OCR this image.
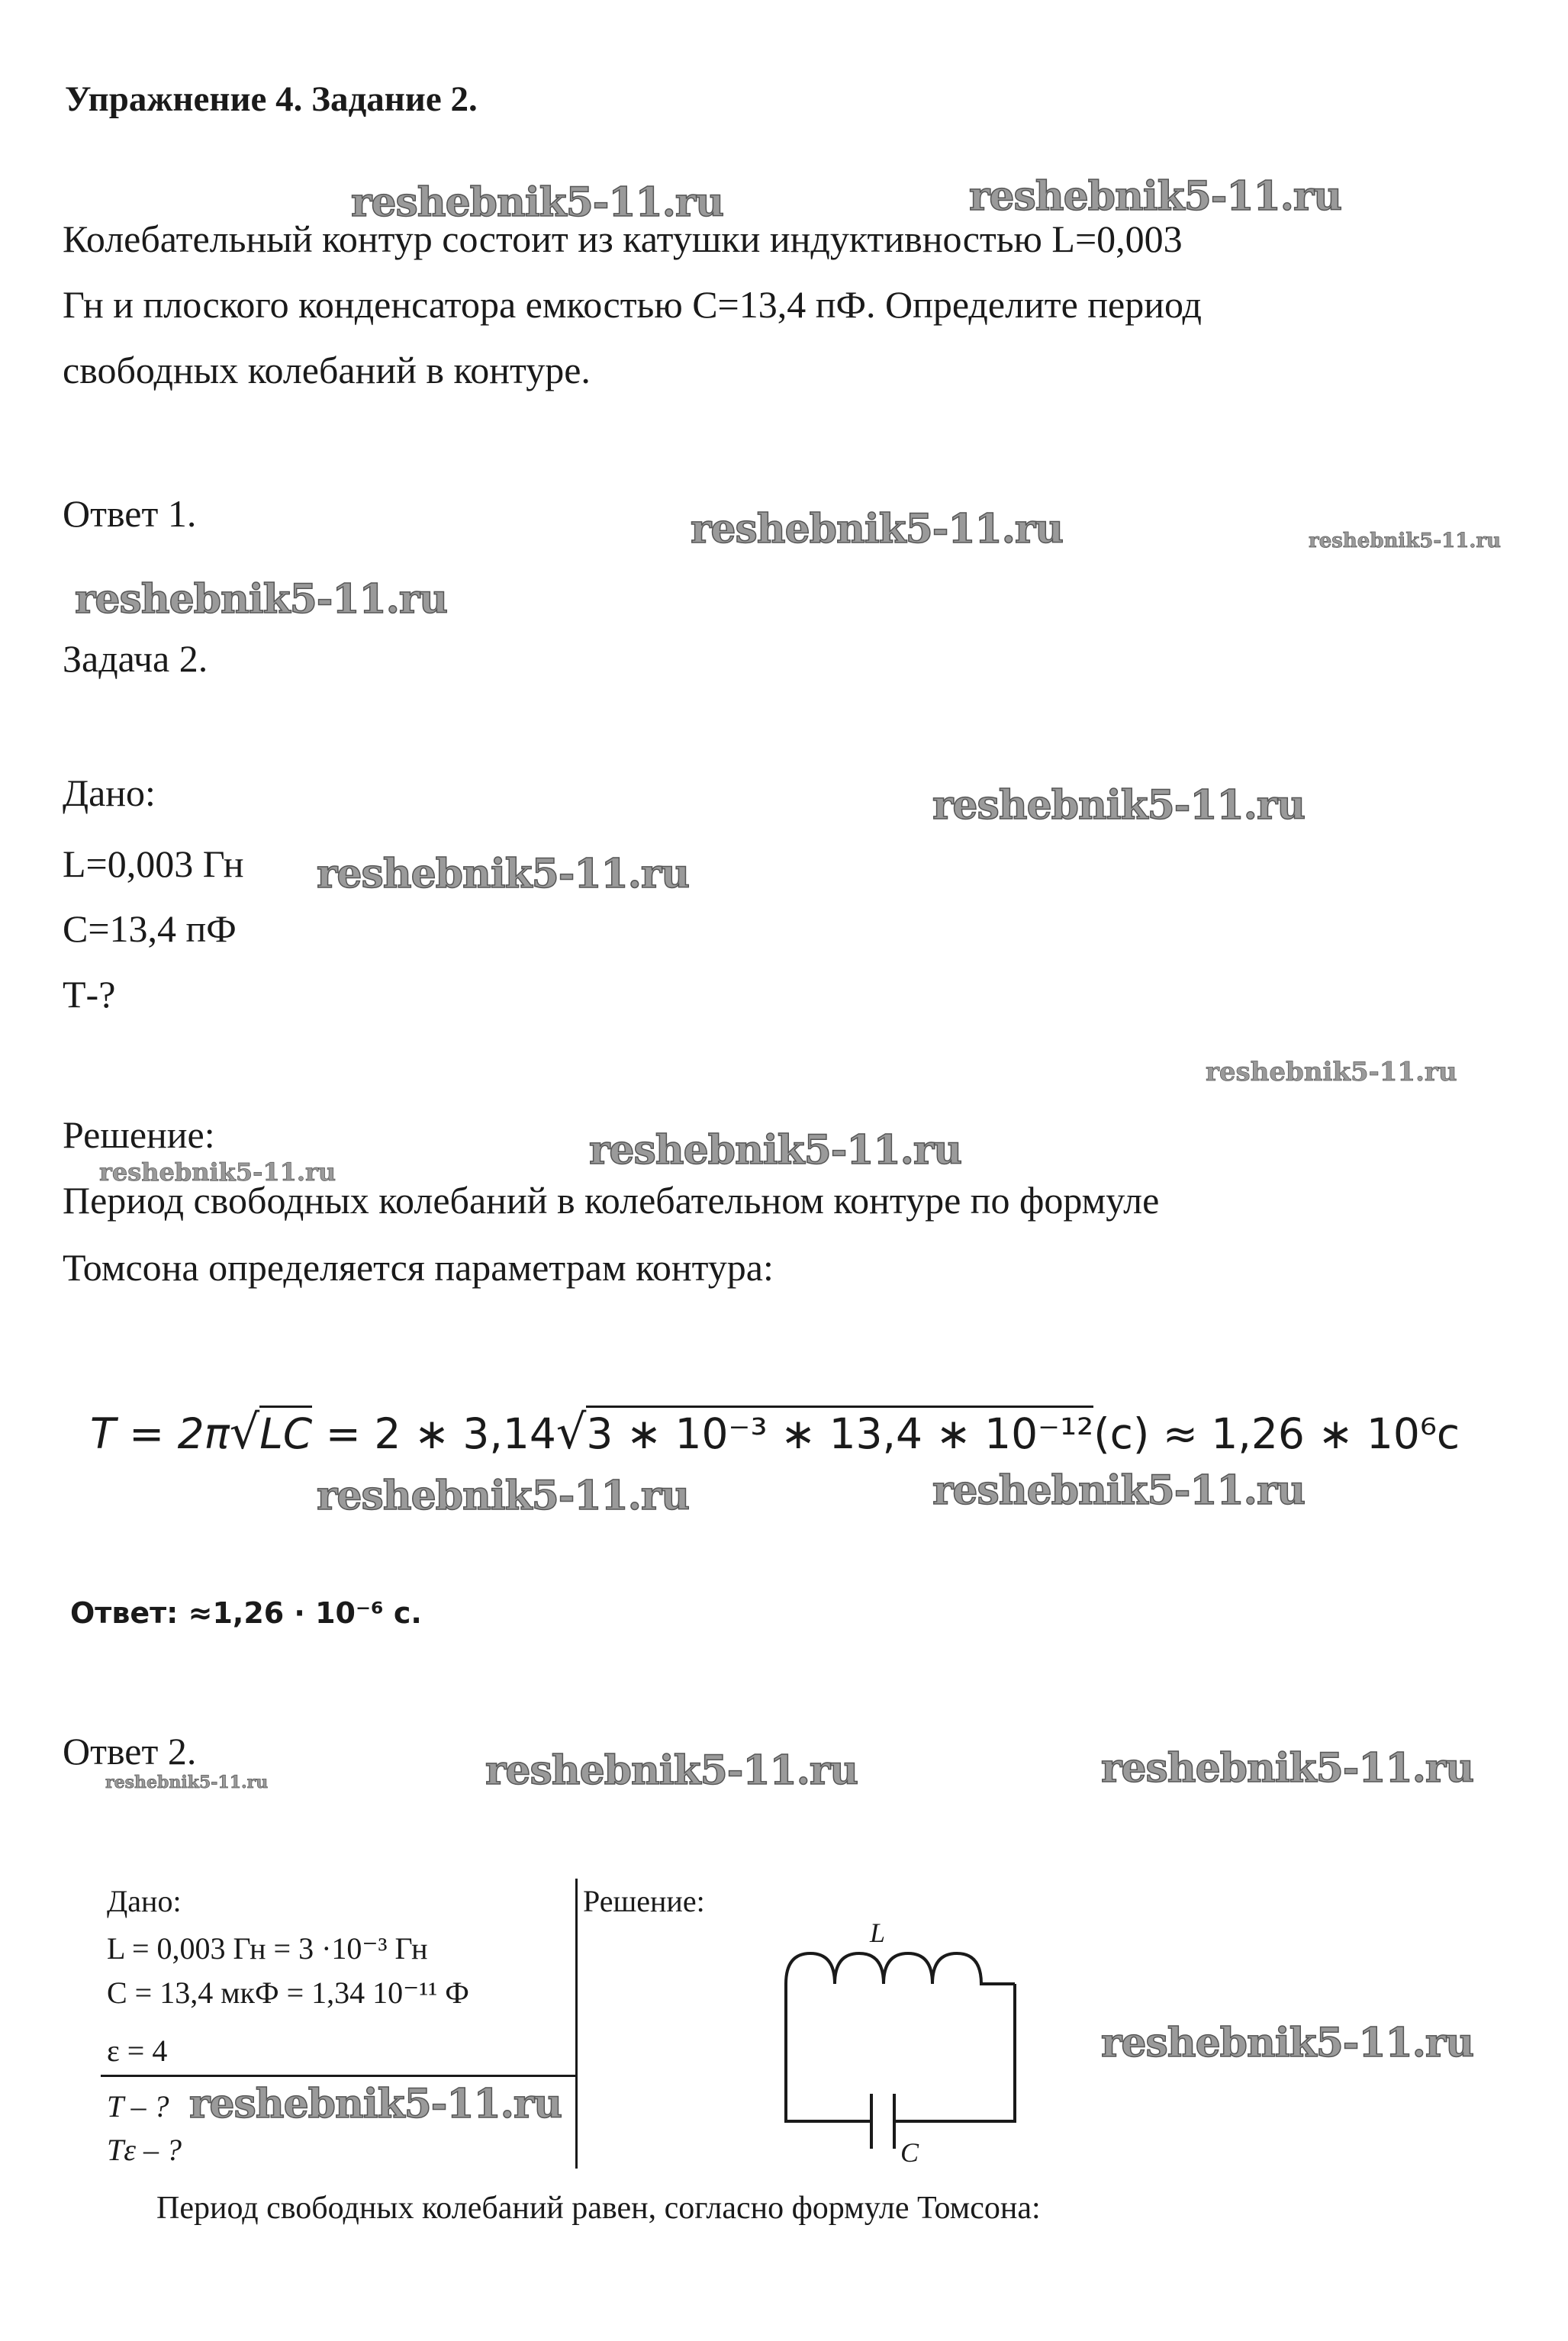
Упражнение 4. Задание 2.
Колебательный контур состоит из катушки индуктивностью L=0,003
Гн и плоского конденсатора емкостью С=13,4 пФ. Определите период
свободных колебаний в контуре.
Ответ 1.
Задача 2.
Дано:
L=0,003 Гн
С=13,4 пФ
Т-?
Решение:
Период свободных колебаний в колебательном контуре по формуле
Томсона определяется параметрам контура:
T = 2π√LC = 2 ∗ 3,14√3 ∗ 10⁻³ ∗ 13,4 ∗ 10⁻¹²(c) ≈ 1,26 ∗ 10⁶c
Ответ: ≈1,26 · 10⁻⁶ с.
Ответ 2.
Дано:
L = 0,003 Гн = 3 ·10⁻³ Гн
C = 13,4 мкФ = 1,34 10⁻¹¹ Ф
ε = 4
T – ?
Tε – ?
Решение:
L
C
Период свободных колебаний равен, согласно формуле Томсона:
reshebnik5-11.ru	reshebnik5-11.ru
reshebnik5-11.ru	reshebnik5-11.ru
reshebnik5-11.ru
reshebnik5-11.ru
reshebnik5-11.ru
reshebnik5-11.ru
reshebnik5-11.ru	reshebnik5-11.ru
reshebnik5-11.ru	reshebnik5-11.ru
reshebnik5-11.ru	reshebnik5-11.ru	reshebnik5-11.ru
reshebnik5-11.ru
reshebnik5-11.ru
